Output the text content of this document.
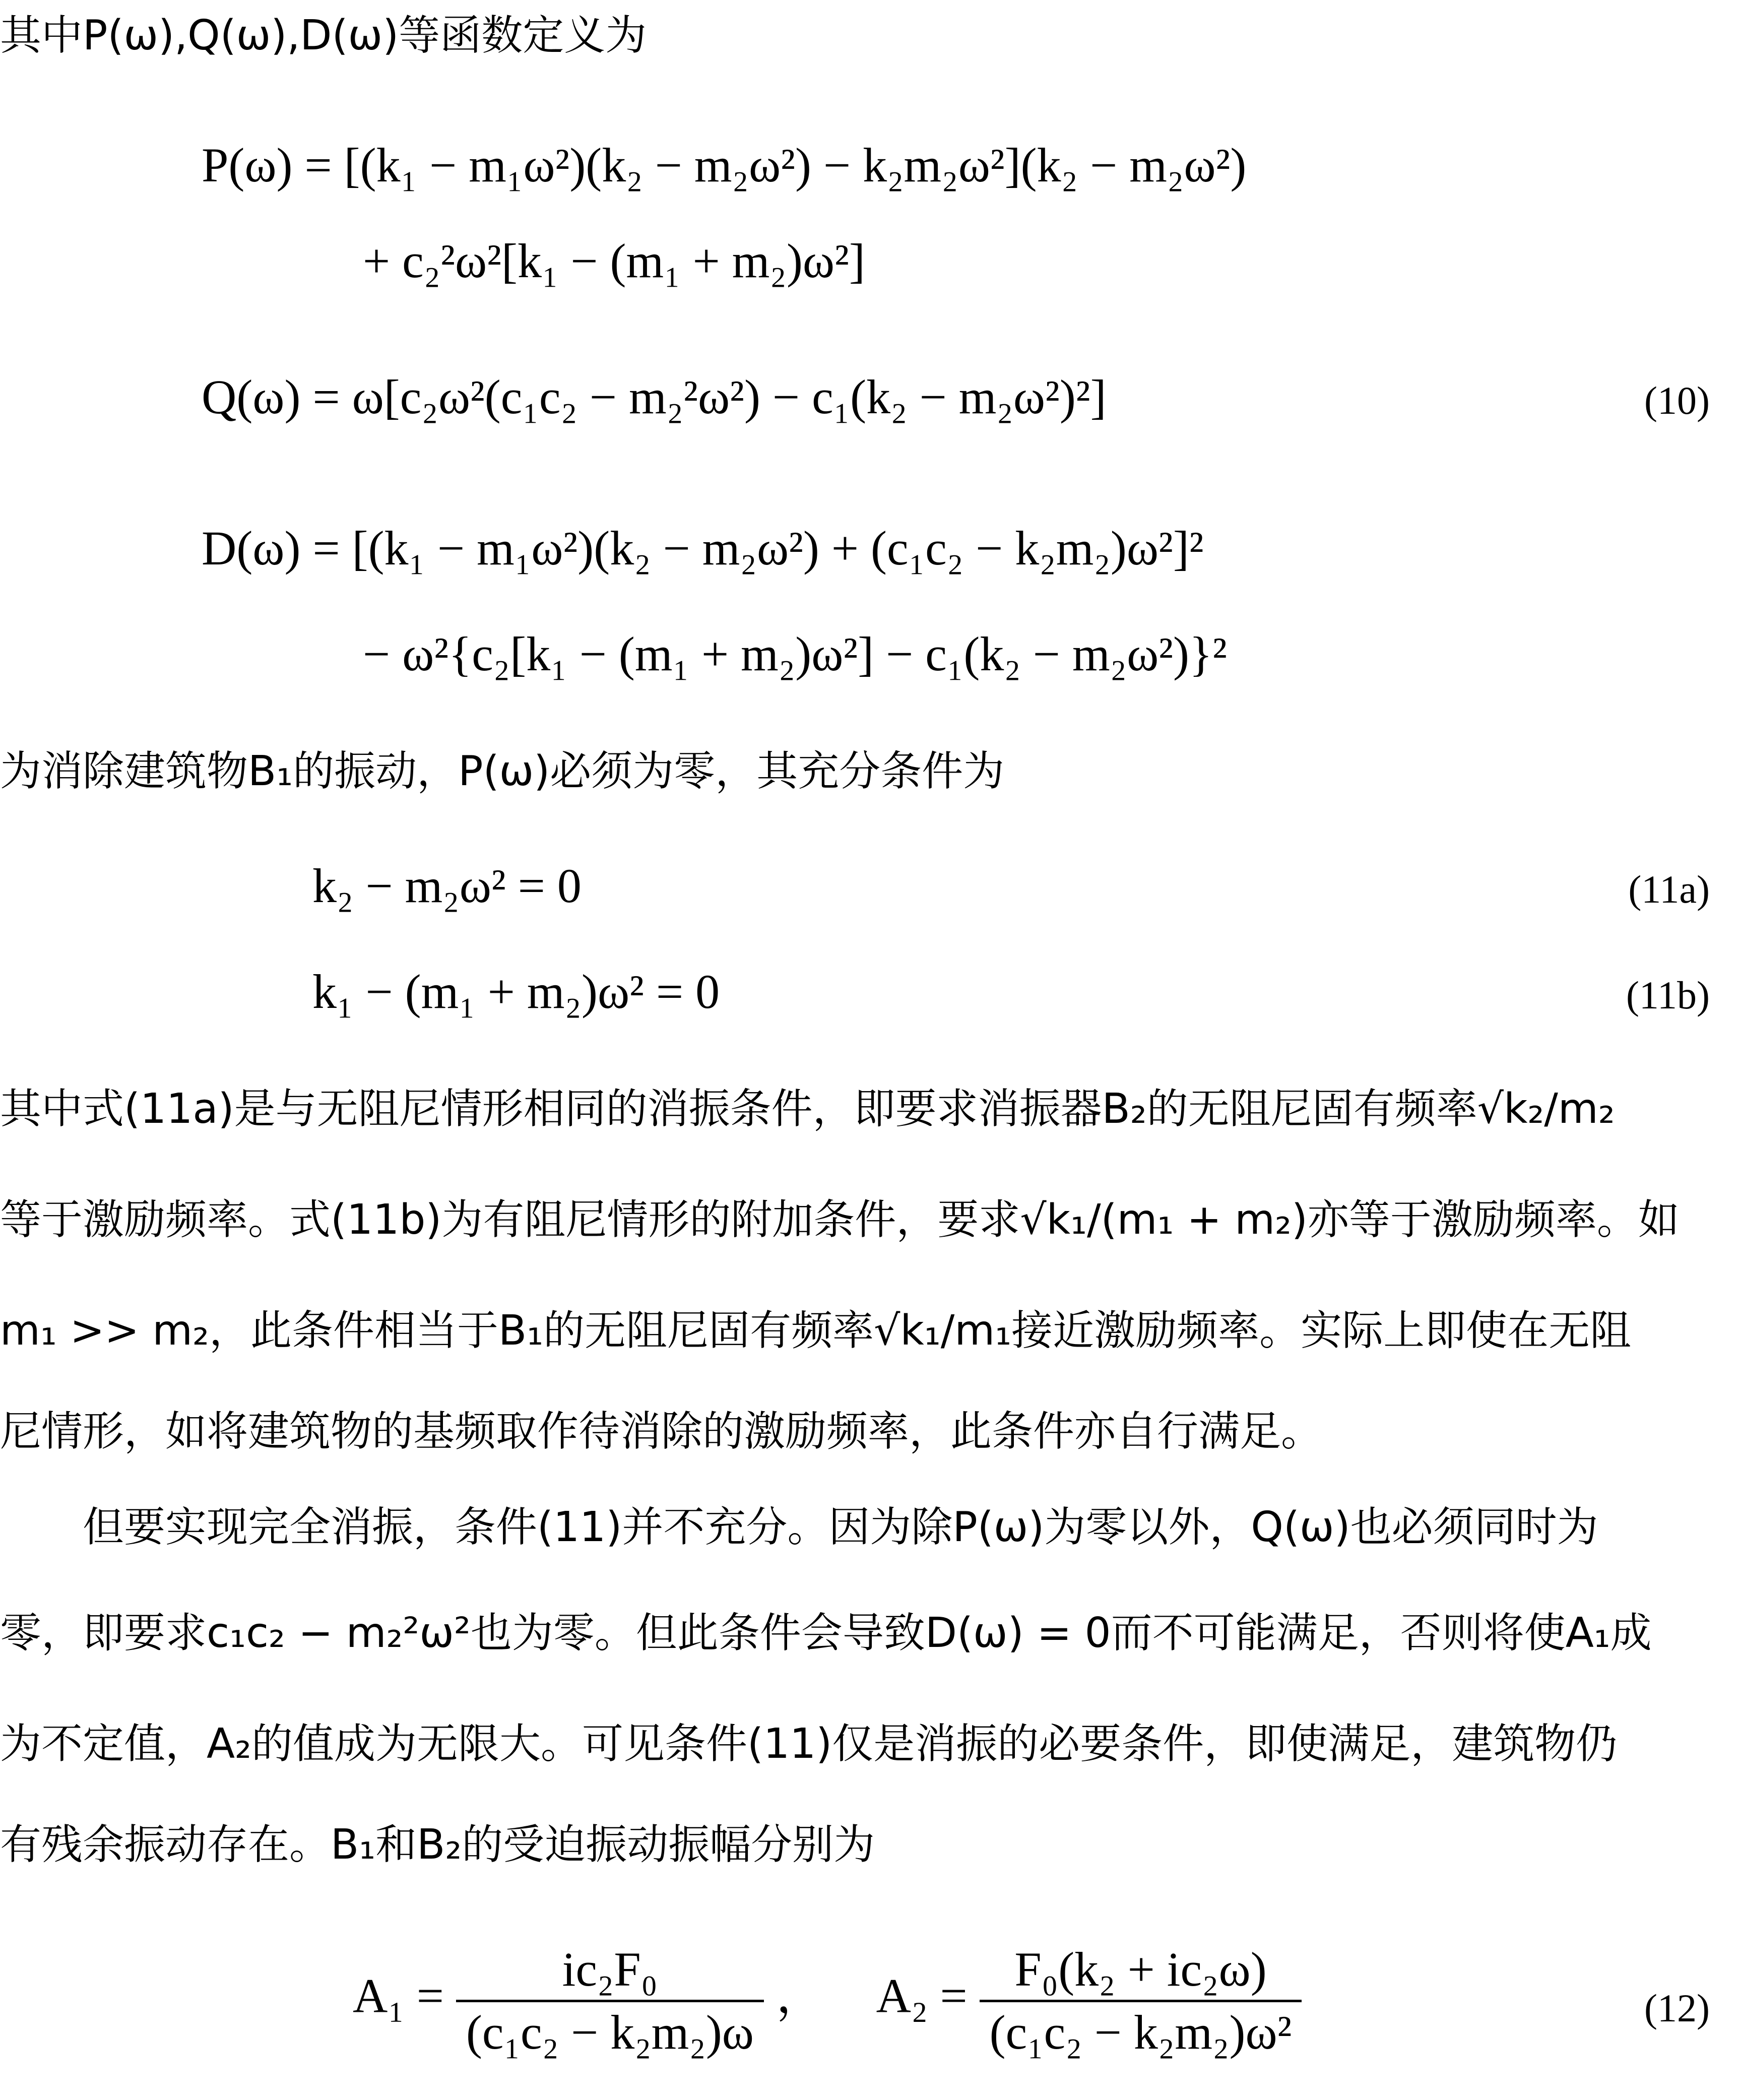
其中P(ω),Q(ω),D(ω)等函数定义为
P(ω) = [(k₁ − m₁ω²)(k₂ − m₂ω²) − k₂m₂ω²](k₂ − m₂ω²)
+ c₂²ω²[k₁ − (m₁ + m₂)ω²]
Q(ω) = ω[c₂ω²(c₁c₂ − m₂²ω²) − c₁(k₂ − m₂ω²)²]	(10)
D(ω) = [(k₁ − m₁ω²)(k₂ − m₂ω²) + (c₁c₂ − k₂m₂)ω²]²
− ω²{c₂[k₁ − (m₁ + m₂)ω²] − c₁(k₂ − m₂ω²)}²
为消除建筑物B₁的振动，P(ω)必须为零，其充分条件为
k₂ − m₂ω² = 0	(11a)
k₁ − (m₁ + m₂)ω² = 0	(11b)
其中式(11a)是与无阻尼情形相同的消振条件，即要求消振器B₂的无阻尼固有频率√k₂/m₂
等于激励频率。式(11b)为有阻尼情形的附加条件，要求√k₁/(m₁ + m₂)亦等于激励频率。如
m₁ >> m₂，此条件相当于B₁的无阻尼固有频率√k₁/m₁接近激励频率。实际上即使在无阻
尼情形，如将建筑物的基频取作待消除的激励频率，此条件亦自行满足。
但要实现完全消振，条件(11)并不充分。因为除P(ω)为零以外，Q(ω)也必须同时为
零，即要求c₁c₂ − m₂²ω²也为零。但此条件会导致D(ω) = 0而不可能满足，否则将使A₁成
为不定值，A₂的值成为无限大。可见条件(11)仅是消振的必要条件，即使满足，建筑物仍
有残余振动存在。B₁和B₂的受迫振动振幅分别为
$A_1 = \frac{\text{ic₂F₀}}{\text{(c₁c₂ − k₂m₂)ω}}$ ， $A_2 = \frac{\text{F₀(k₂ + ic₂ω)}}{\text{(c₁c₂ − k₂m₂)ω²}}$	(12)
